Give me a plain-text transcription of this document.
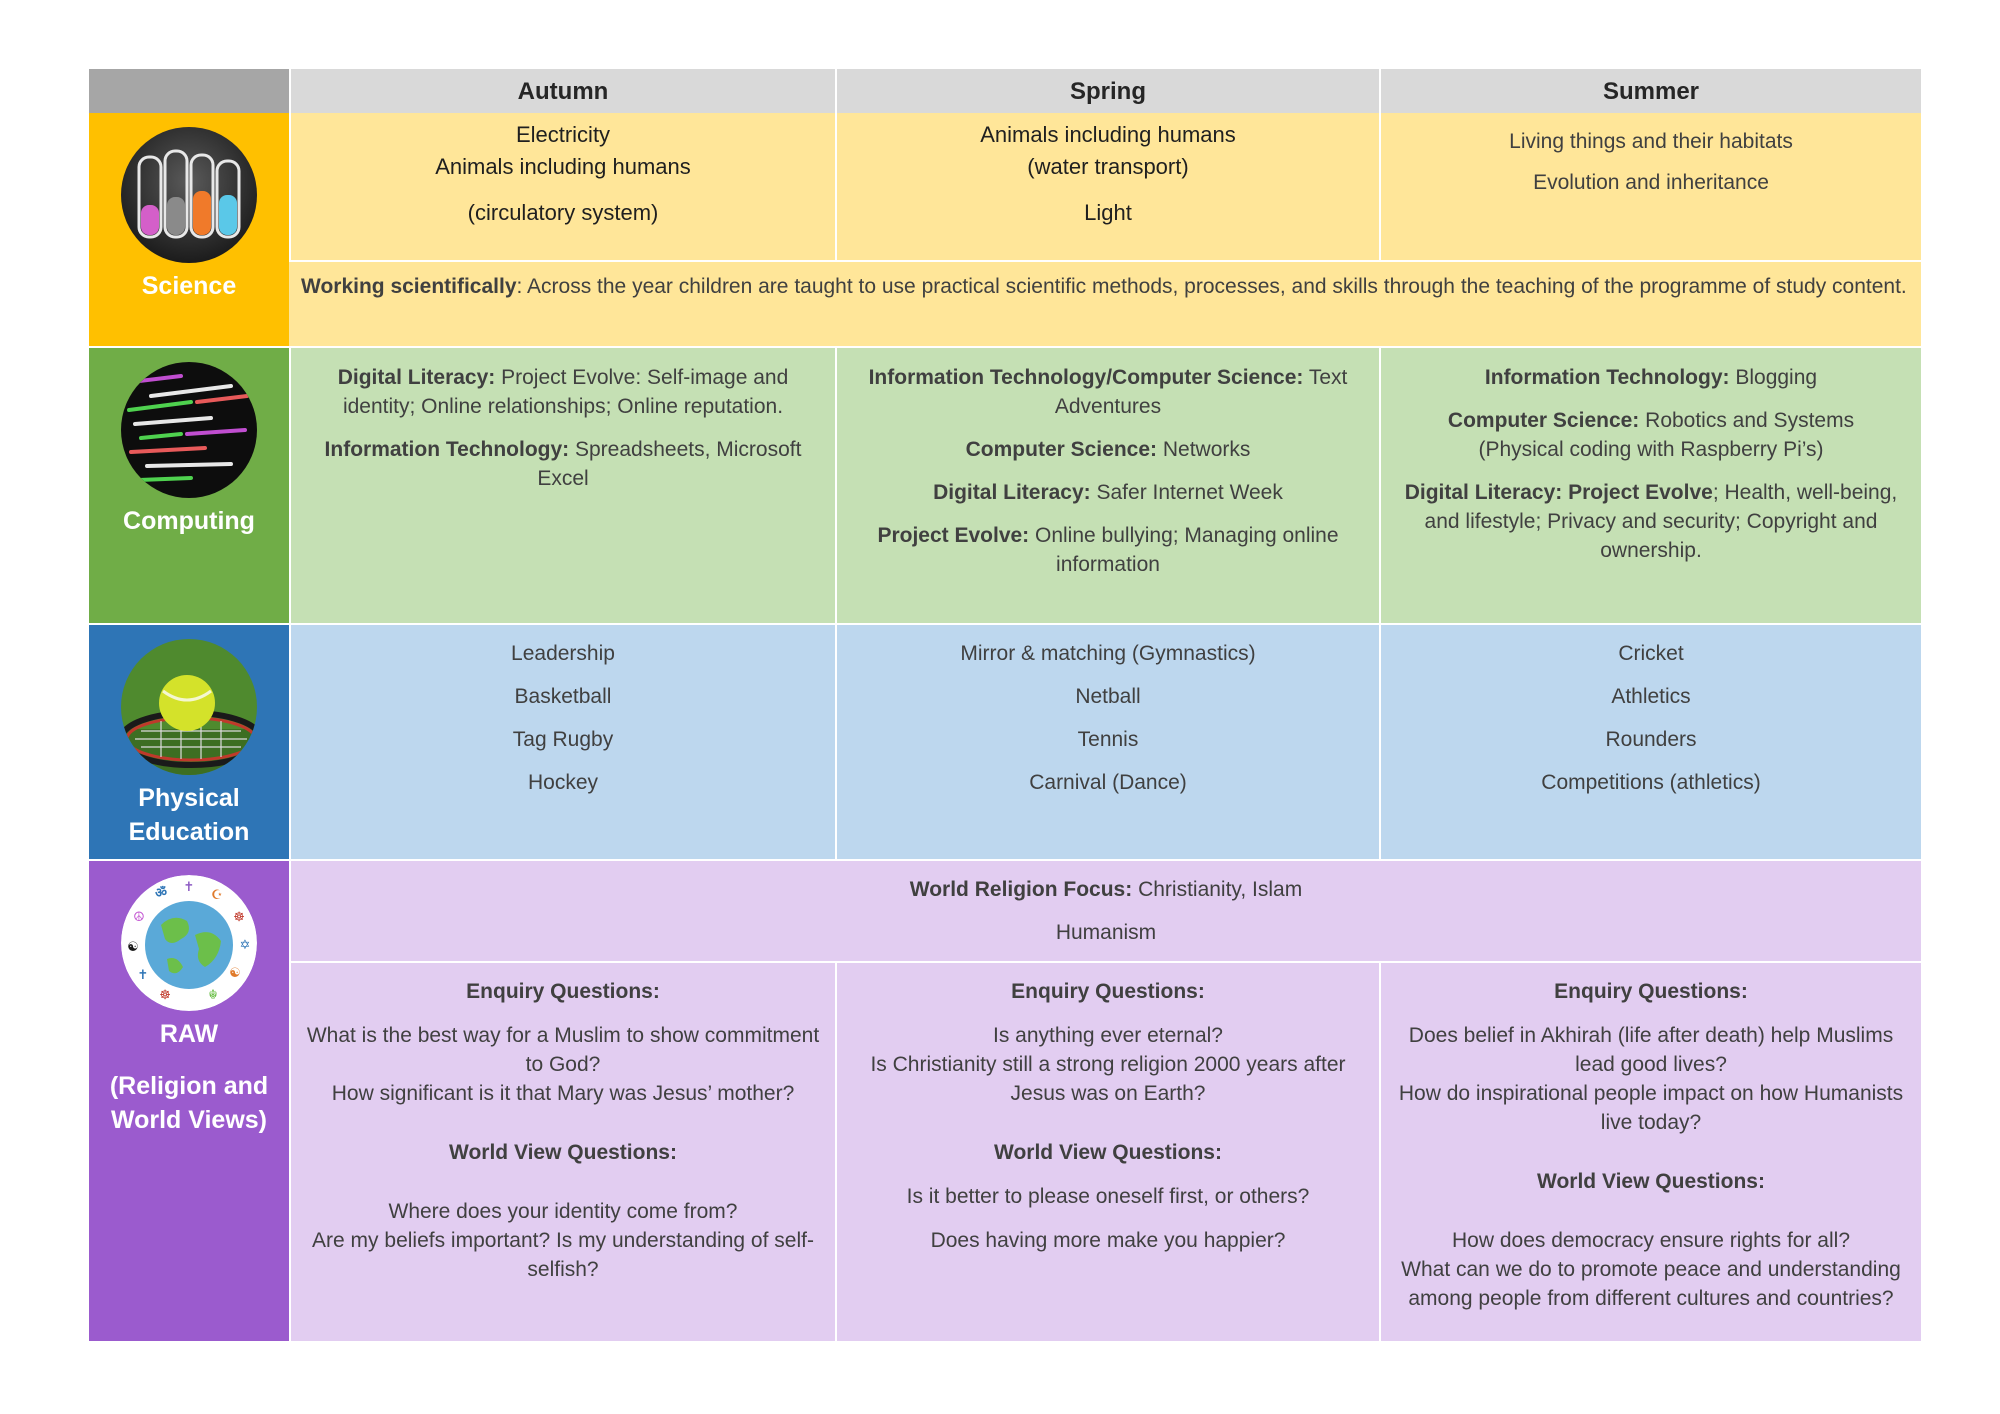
Autumn	Spring	Summer
Science

Electricity

Animals including humans

(circulatory system)

Animals including humans

(water transport)

Light

Living things and their habitats

Evolution and inheritance

Working scientifically: Across the year children are taught to use practical scientific methods, processes, and skills through the teaching of the programme of study content.
Computing

Digital Literacy: Project Evolve: Self-image and identity; Online relationships; Online reputation.

Information Technology: Spreadsheets, Microsoft Excel

Information Technology/Computer Science: Text Adventures

Computer Science: Networks

Digital Literacy: Safer Internet Week

Project Evolve: Online bullying; Managing online information

Information Technology: Blogging

Computer Science: Robotics and Systems (Physical coding with Raspberry Pi’s)

Digital Literacy: Project Evolve; Health, well-being, and lifestyle; Privacy and security; Copyright and ownership.

Physical
Education

Leadership

Basketball

Tag Rugby

Hockey

Mirror & matching (Gymnastics)

Netball

Tennis

Carnival (Dance)

Cricket

Athletics

Rounders

Competitions (athletics)

✝
☪
☸
✡
☯
☬
ॐ
☮
☯
✝
☸
RAW
(Religion and
World Views)

World Religion Focus: Christianity, Islam

Humanism

Enquiry Questions:

What is the best way for a Muslim to show commitment to God?

How significant is it that Mary was Jesus’ mother?

World View Questions:

Where does your identity come from?

Are my beliefs important? Is my understanding of self-selfish?

Enquiry Questions:

Is anything ever eternal?

Is Christianity still a strong religion 2000 years after Jesus was on Earth?

World View Questions:

Is it better to please oneself first, or others?

Does having more make you happier?

Enquiry Questions:

Does belief in Akhirah (life after death) help Muslims lead good lives?

How do inspirational people impact on how Humanists live today?

World View Questions:

How does democracy ensure rights for all?

What can we do to promote peace and understanding among people from different cultures and countries?
